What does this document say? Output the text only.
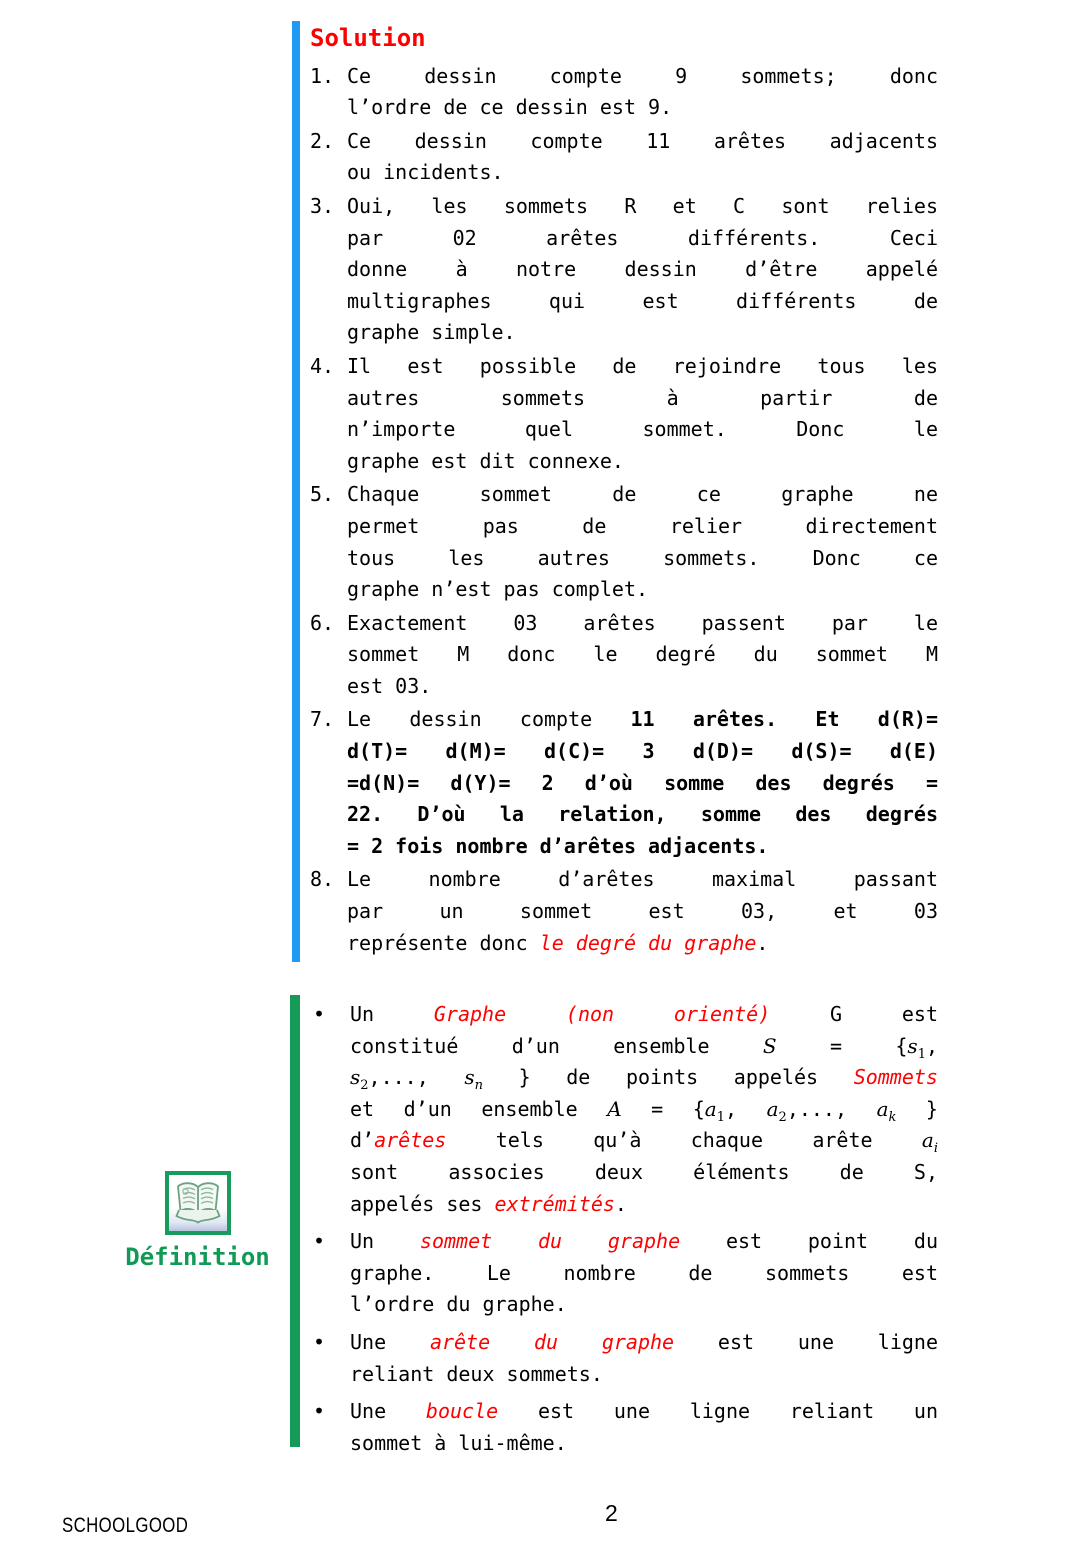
Solution
1. Ce dessin compte 9 sommets; donc
l’ordre de ce dessin est 9.
2. Ce dessin compte 11 arêtes adjacents
ou incidents.
3. Oui, les sommets R et C sont relies
par 02 arêtes différents. Ceci
donne à notre dessin d’être appelé
multigraphes qui est différents de
graphe simple.
4. Il est possible de rejoindre tous les
autres sommets à partir de
n’importe quel sommet. Donc le
graphe est dit connexe.
5. Chaque sommet de ce graphe ne
permet pas de relier directement
tous les autres sommets. Donc ce
graphe n’est pas complet.
6. Exactement 03 arêtes passent par le
sommet M donc le degré du sommet M
est 03.
7. Le dessin compte 11 arêtes. Et d(R)=
d(T)= d(M)= d(C)= 3 d(D)= d(S)= d(E)
=d(N)= d(Y)= 2 d’où somme des degrés =
22. D’où la relation, somme des degrés
= 2 fois nombre d’arêtes adjacents.
8. Le nombre d’arêtes maximal passant
par un sommet est 03, et 03
représente donc le degré du graphe.
• Un Graphe (non orienté) G est
constitué d’un ensemble $S = \{s_1$,
$s_2$,..., $s_n$ } de points appelés Sommets
et d’un ensemble $A = \{a_1$, $a_2$,..., $a_k$ }
d’arêtes tels qu’à chaque arête $a_i$
sont associes deux éléments de S,
appelés ses extrémités.
• Un sommet du graphe est point du
graphe. Le nombre de sommets est
l’ordre du graphe.
• Une arête du graphe est une ligne
reliant deux sommets.
• Une boucle est une ligne reliant un
sommet à lui-même.
Définition
SCHOOLGOOD	2
